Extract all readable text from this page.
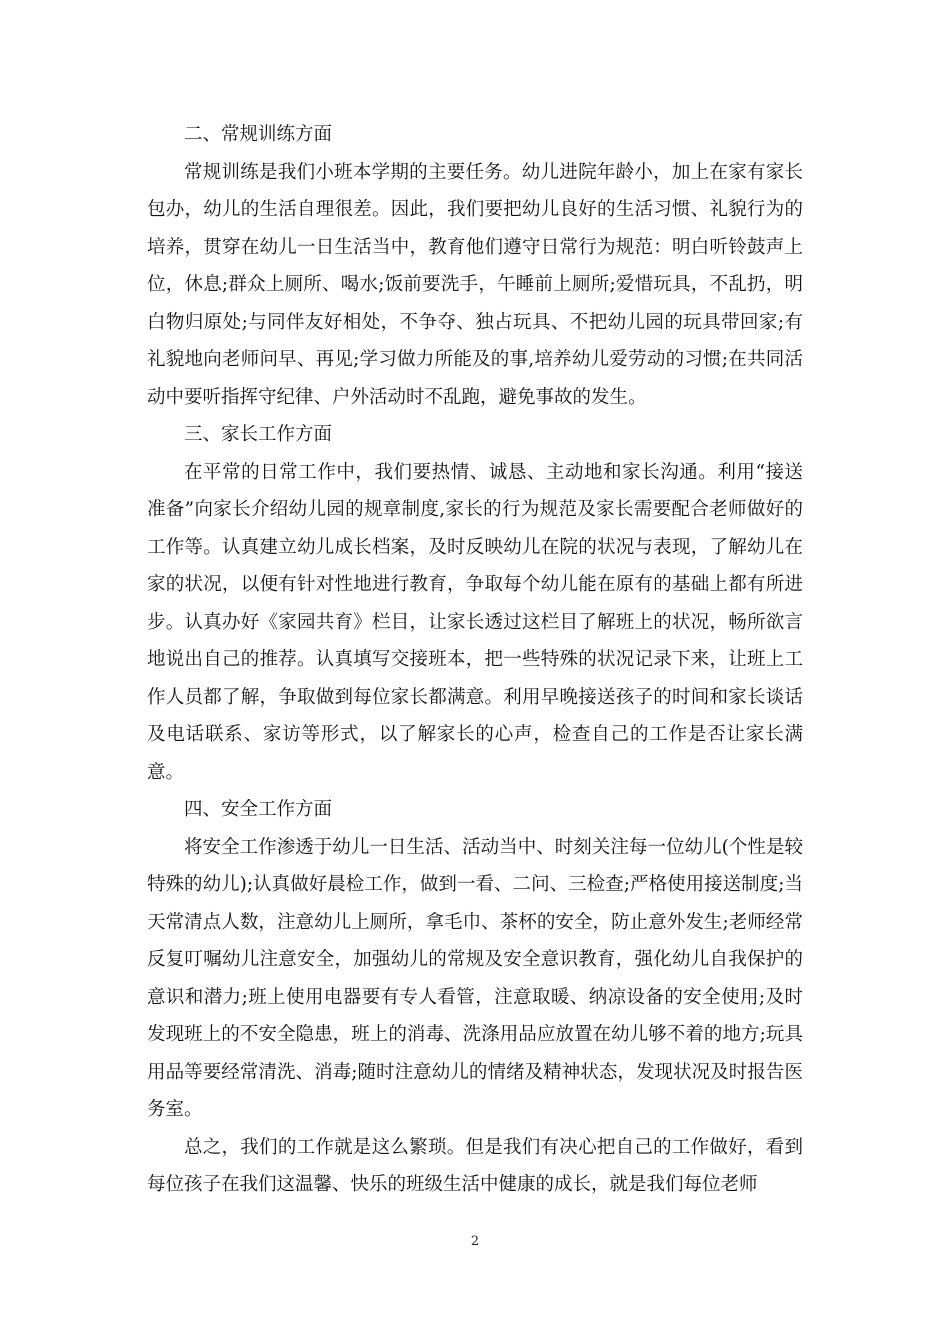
二、常规训练方面

常规训练是我们小班本学期的主要任务。幼儿进院年龄小，加上在家有家长包办，幼儿的生活自理很差。因此，我们要把幼儿良好的生活习惯、礼貌行为的培养，贯穿在幼儿一日生活当中，教育他们遵守日常行为规范：明白听铃鼓声上位，休息;群众上厕所、喝水;饭前要洗手，午睡前上厕所;爱惜玩具，不乱扔，明白物归原处;与同伴友好相处，不争夺、独占玩具、不把幼儿园的玩具带回家;有礼貌地向老师问早、再见;学习做力所能及的事,培养幼儿爱劳动的习惯;在共同活动中要听指挥守纪律、户外活动时不乱跑，避免事故的发生。

三、家长工作方面

在平常的日常工作中，我们要热情、诚恳、主动地和家长沟通。利用“接送准备”向家长介绍幼儿园的规章制度,家长的行为规范及家长需要配合老师做好的工作等。认真建立幼儿成长档案，及时反映幼儿在院的状况与表现，了解幼儿在家的状况，以便有针对性地进行教育，争取每个幼儿能在原有的基础上都有所进步。认真办好《家园共育》栏目，让家长透过这栏目了解班上的状况，畅所欲言地说出自己的推荐。认真填写交接班本，把一些特殊的状况记录下来，让班上工作人员都了解，争取做到每位家长都满意。利用早晚接送孩子的时间和家长谈话及电话联系、家访等形式，以了解家长的心声，检查自己的工作是否让家长满意。

四、安全工作方面

将安全工作渗透于幼儿一日生活、活动当中、时刻关注每一位幼儿(个性是较特殊的幼儿);认真做好晨检工作，做到一看、二问、三检查;严格使用接送制度;当天常清点人数，注意幼儿上厕所，拿毛巾、茶杯的安全，防止意外发生;老师经常反复叮嘱幼儿注意安全，加强幼儿的常规及安全意识教育，强化幼儿自我保护的意识和潜力;班上使用电器要有专人看管，注意取暖、纳凉设备的安全使用;及时发现班上的不安全隐患，班上的消毒、洗涤用品应放置在幼儿够不着的地方;玩具用品等要经常清洗、消毒;随时注意幼儿的情绪及精神状态，发现状况及时报告医务室。

总之，我们的工作就是这么繁琐。但是我们有决心把自己的工作做好，看到每位孩子在我们这温馨、快乐的班级生活中健康的成长，就是我们每位老师

2
